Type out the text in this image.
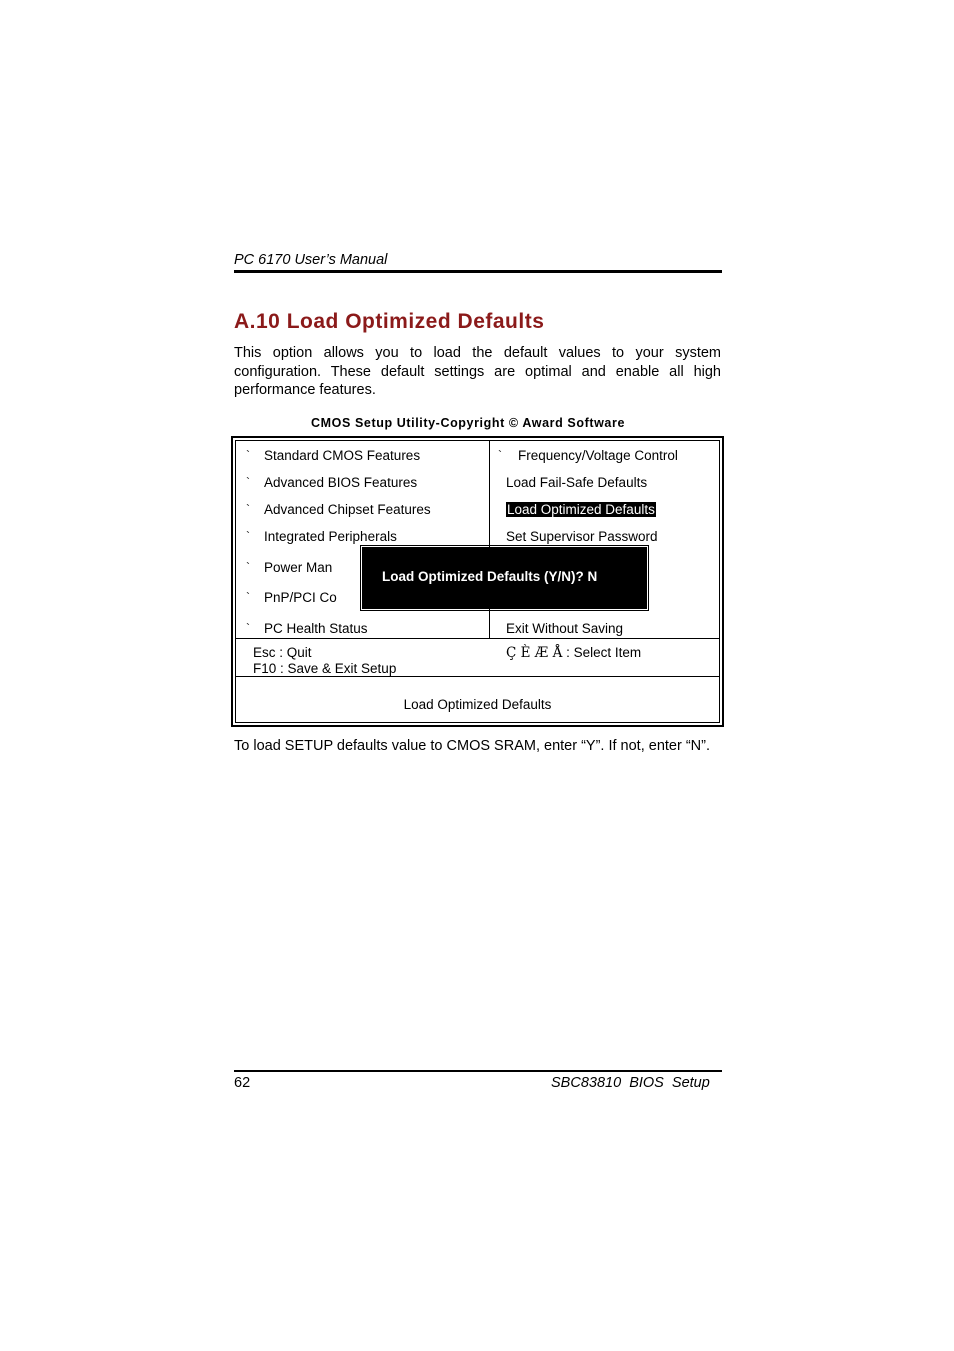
PC 6170 User’s Manual
A.10 Load Optimized Defaults

This option allows you to load the default values to your system configuration. These default settings are optimal and enable all high performance features.

CMOS Setup Utility-Copyright © Award Software
` Standard CMOS Features
` Advanced BIOS Features
` Advanced Chipset Features
` Integrated Peripherals
` Power Man
` PnP/PCI Co
` PC Health Status
` Frequency/Voltage Control
Load Fail-Safe Defaults
Load Optimized Defaults
Set Supervisor Password
Exit Without Saving
Load Optimized Defaults (Y/N)? N
Esc : Quit
F10 : Save & Exit Setup
Ç È Æ Å : Select Item
Load Optimized Defaults

To load SETUP defaults value to CMOS SRAM, enter “Y”. If not, enter “N”.

62	SBC83810  BIOS  Setup
